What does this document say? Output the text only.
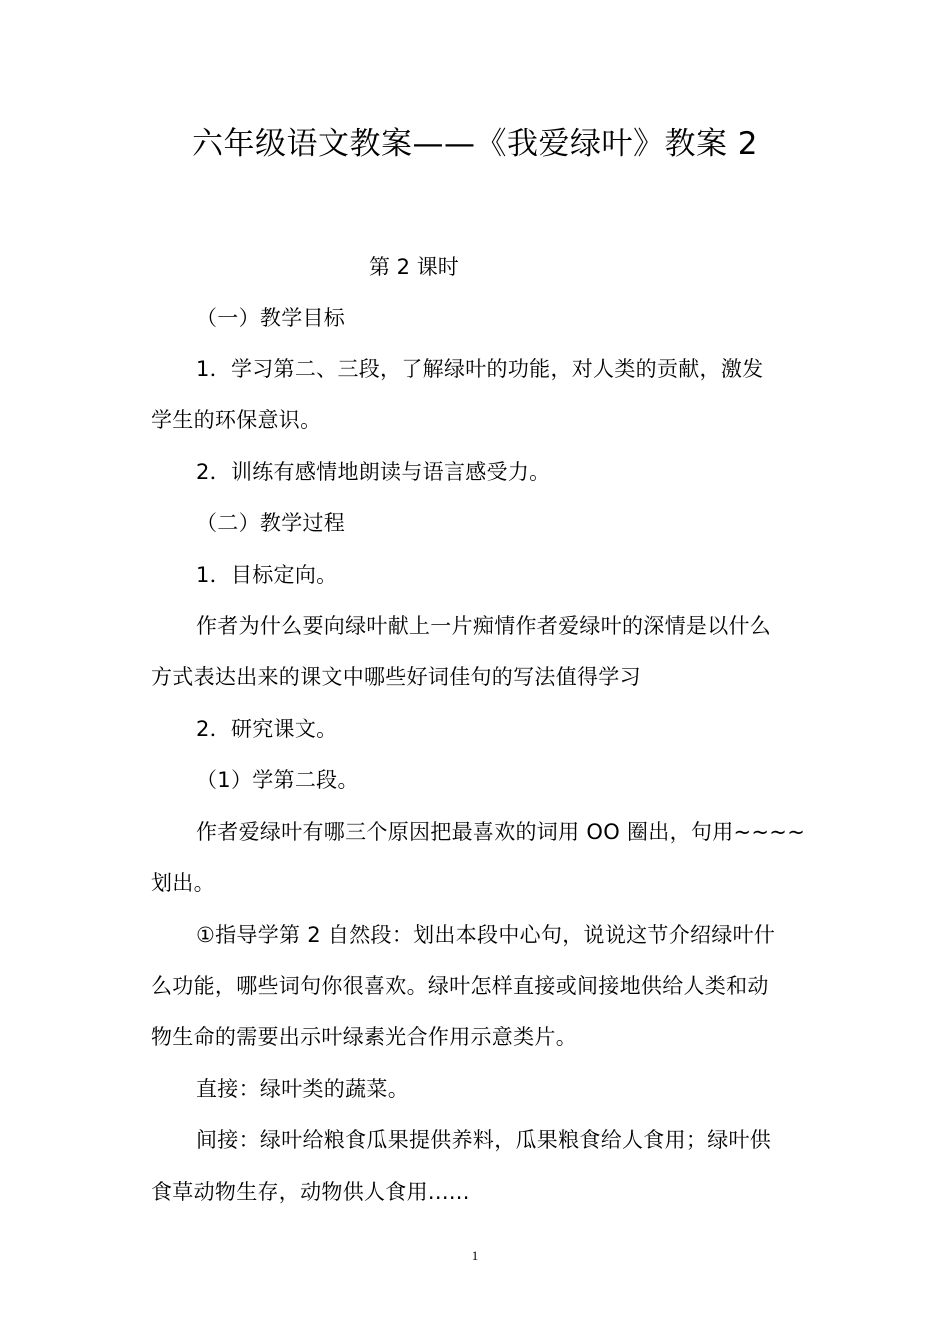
六年级语文教案——《我爱绿叶》教案 2

第 2 课时

（一）教学目标

1．学习第二、三段，了解绿叶的功能，对人类的贡献，激发

学生的环保意识。

2．训练有感情地朗读与语言感受力。

（二）教学过程

1．目标定向。

作者为什么要向绿叶献上一片痴情作者爱绿叶的深情是以什么

方式表达出来的课文中哪些好词佳句的写法值得学习

2．研究课文。

（1）学第二段。

作者爱绿叶有哪三个原因把最喜欢的词用 OO 圈出，句用~~~~

划出。

①指导学第 2 自然段：划出本段中心句，说说这节介绍绿叶什

么功能，哪些词句你很喜欢。绿叶怎样直接或间接地供给人类和动

物生命的需要出示叶绿素光合作用示意类片。

直接：绿叶类的蔬菜。

间接：绿叶给粮食瓜果提供养料，瓜果粮食给人食用；绿叶供

食草动物生存，动物供人食用......

1
